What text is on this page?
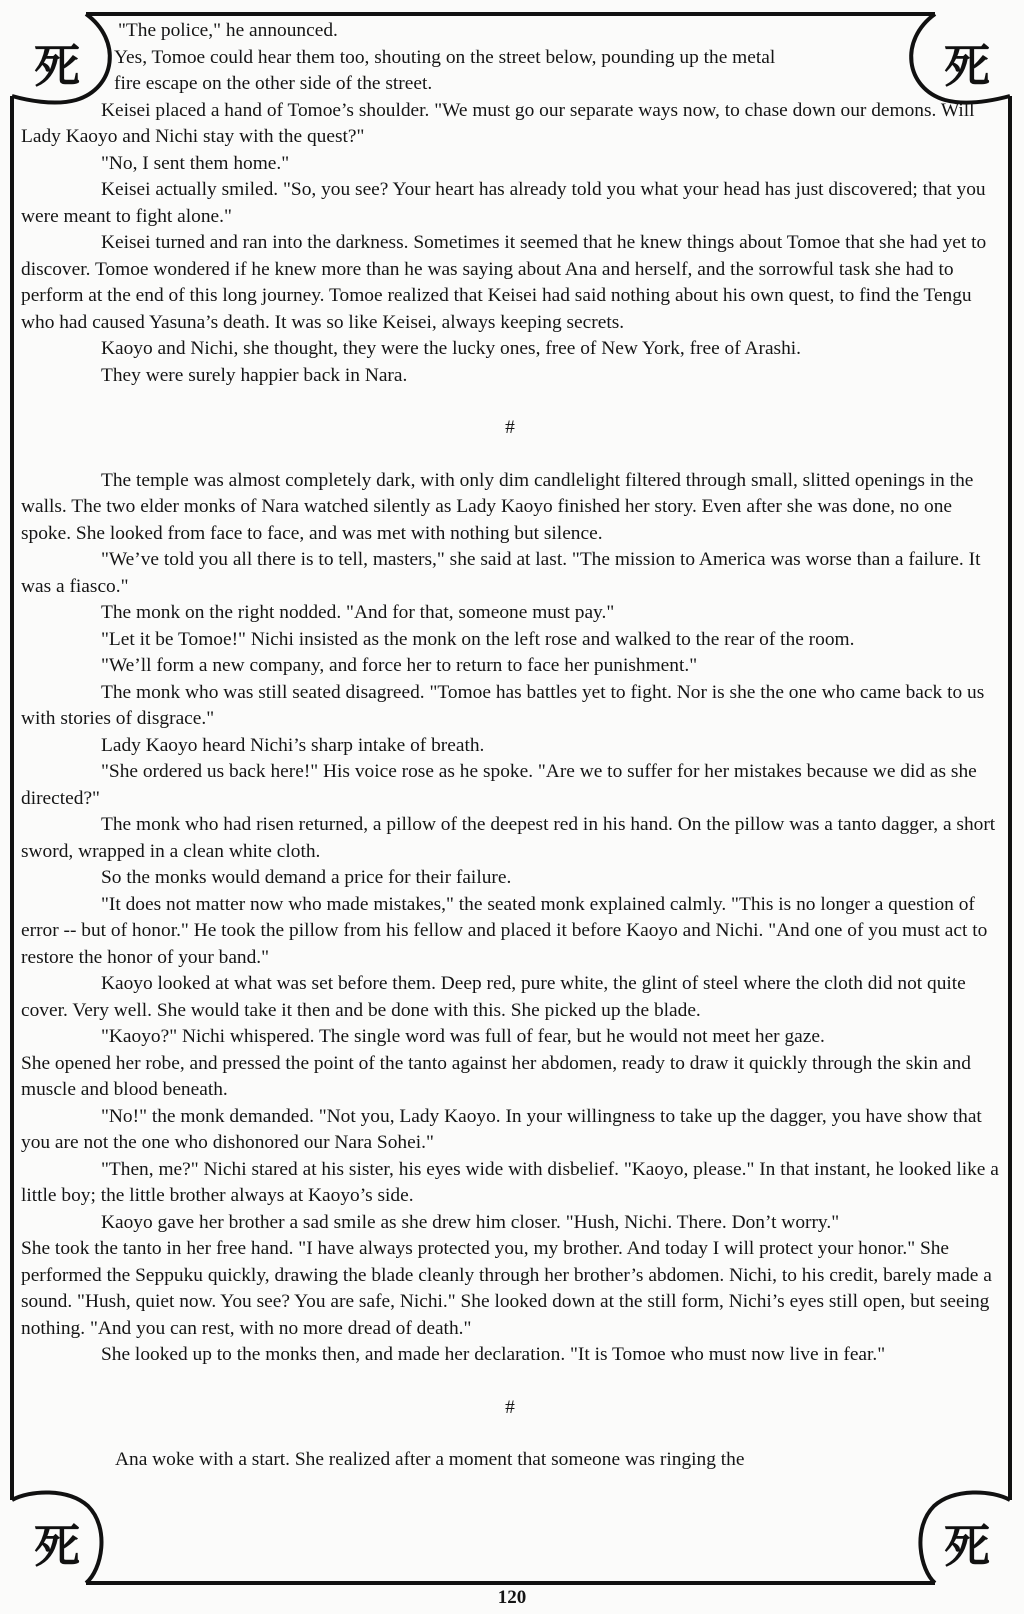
死	死
死	死

"The police," he announced.

Yes, Tomoe could hear them too, shouting on the street below, pounding up the metal

fire escape on the other side of the street.

Keisei placed a hand of Tomoe’s shoulder. "We must go our separate ways now, to chase down our demons. Will Lady Kaoyo and Nichi stay with the quest?"

"No, I sent them home."

Keisei actually smiled. "So, you see? Your heart has already told you what your head has just discovered; that you were meant to fight alone."

Keisei turned and ran into the darkness. Sometimes it seemed that he knew things about Tomoe that she had yet to discover. Tomoe wondered if he knew more than he was saying about Ana and herself, and the sorrowful task she had to perform at the end of this long journey. Tomoe realized that Keisei had said nothing about his own quest, to find the Tengu who had caused Yasuna’s death. It was so like Keisei, always keeping secrets.

Kaoyo and Nichi, she thought, they were the lucky ones, free of New York, free of Arashi.

They were surely happier back in Nara.

#

The temple was almost completely dark, with only dim candlelight filtered through small, slitted openings in the walls. The two elder monks of Nara watched silently as Lady Kaoyo finished her story. Even after she was done, no one spoke. She looked from face to face, and was met with nothing but silence.

"We’ve told you all there is to tell, masters," she said at last. "The mission to America was worse than a failure. It was a fiasco."

The monk on the right nodded. "And for that, someone must pay."

"Let it be Tomoe!" Nichi insisted as the monk on the left rose and walked to the rear of the room.

"We’ll form a new company, and force her to return to face her punishment."

The monk who was still seated disagreed. "Tomoe has battles yet to fight. Nor is she the one who came back to us with stories of disgrace."

Lady Kaoyo heard Nichi’s sharp intake of breath.

"She ordered us back here!" His voice rose as he spoke. "Are we to suffer for her mistakes because we did as she directed?"

The monk who had risen returned, a pillow of the deepest red in his hand. On the pillow was a tanto dagger, a short sword, wrapped in a clean white cloth.

So the monks would demand a price for their failure.

"It does not matter now who made mistakes," the seated monk explained calmly. "This is no longer a question of error -- but of honor." He took the pillow from his fellow and placed it before Kaoyo and Nichi. "And one of you must act to restore the honor of your band."

Kaoyo looked at what was set before them. Deep red, pure white, the glint of steel where the cloth did not quite cover. Very well. She would take it then and be done with this. She picked up the blade.

"Kaoyo?" Nichi whispered. The single word was full of fear, but he would not meet her gaze.

She opened her robe, and pressed the point of the tanto against her abdomen, ready to draw it quickly through the skin and muscle and blood beneath.

"No!" the monk demanded. "Not you, Lady Kaoyo. In your willingness to take up the dagger, you have show that you are not the one who dishonored our Nara Sohei."

"Then, me?" Nichi stared at his sister, his eyes wide with disbelief. "Kaoyo, please." In that instant, he looked like a little boy; the little brother always at Kaoyo’s side.

Kaoyo gave her brother a sad smile as she drew him closer. "Hush, Nichi. There. Don’t worry."

She took the tanto in her free hand. "I have always protected you, my brother. And today I will protect your honor." She performed the Seppuku quickly, drawing the blade cleanly through her brother’s abdomen. Nichi, to his credit, barely made a sound. "Hush, quiet now. You see? You are safe, Nichi." She looked down at the still form, Nichi’s eyes still open, but seeing nothing. "And you can rest, with no more dread of death."

She looked up to the monks then, and made her declaration. "It is Tomoe who must now live in fear."

#

Ana woke with a start. She realized after a moment that someone was ringing the

120
